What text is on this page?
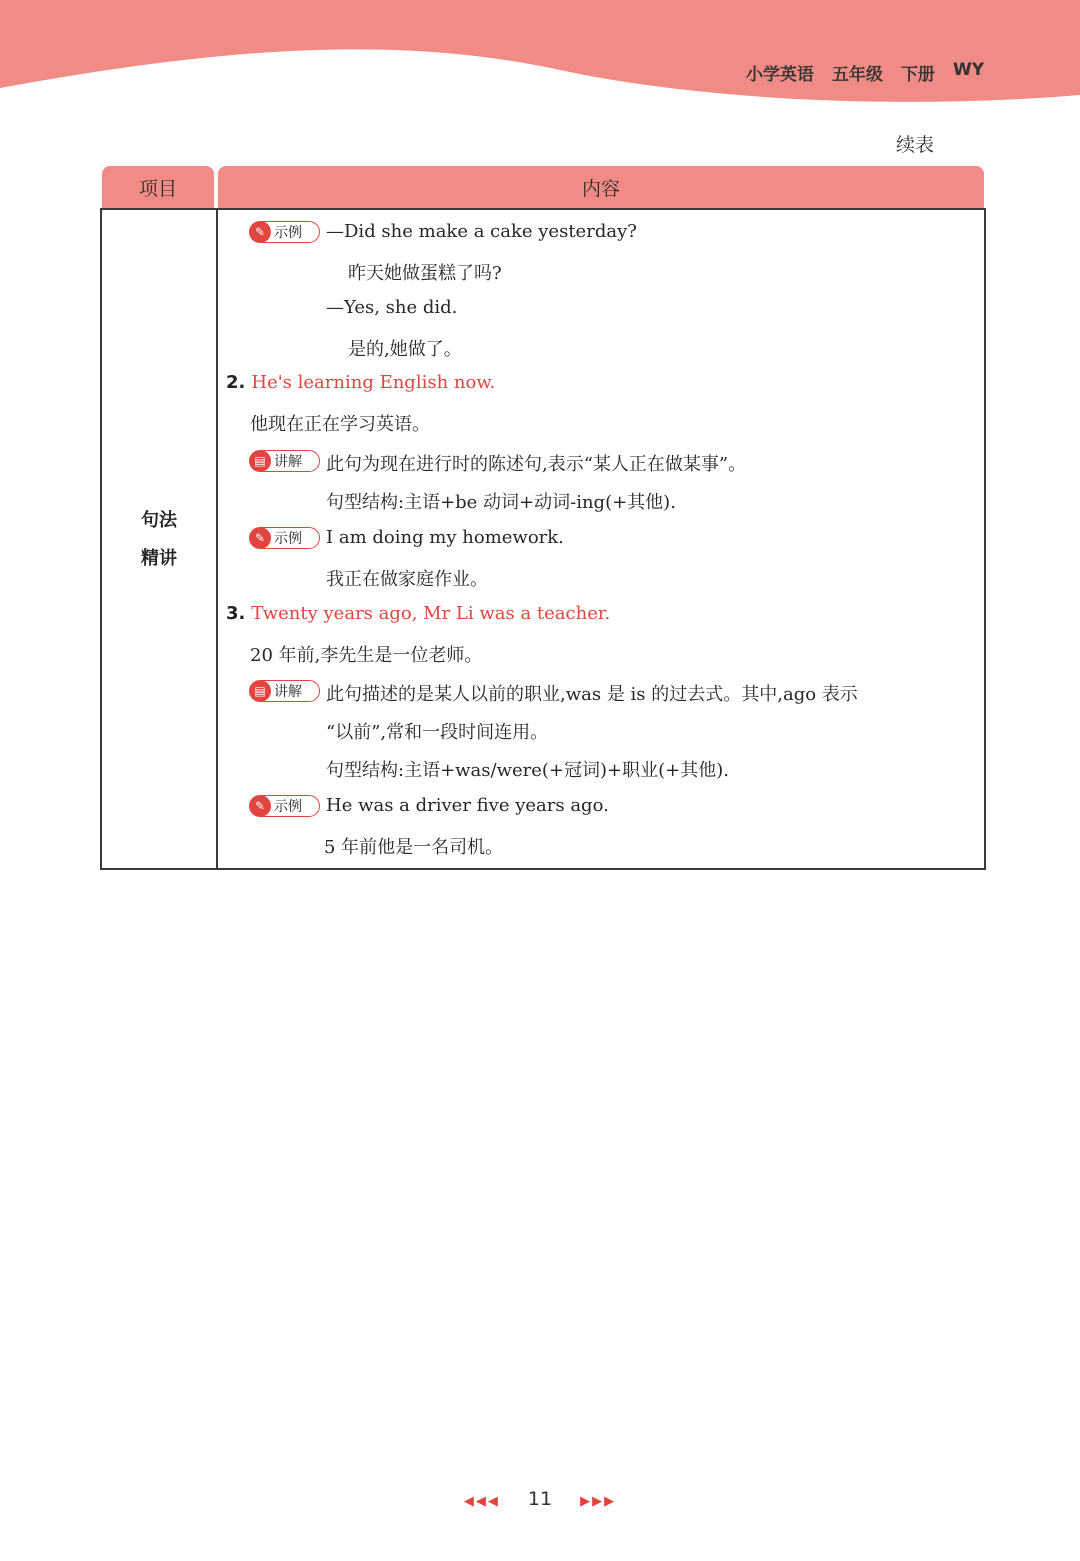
小学英语 五年级 下册 WY
续表
项目	内容
句法
精讲
✎ 示例 —Did she make a cake yesterday?
昨天她做蛋糕了吗?
—Yes, she did.
是的,她做了。
2. He's learning English now.
他现在正在学习英语。
▤ 讲解 此句为现在进行时的陈述句,表示“某人正在做某事”。
句型结构:主语+be 动词+动词-ing(+其他).
✎ 示例 I am doing my homework.
我正在做家庭作业。
3. Twenty years ago, Mr Li was a teacher.
20 年前,李先生是一位老师。
▤ 讲解 此句描述的是某人以前的职业,was 是 is 的过去式。其中,ago 表示
“以前”,常和一段时间连用。
句型结构:主语+was/were(+冠词)+职业(+其他).
✎ 示例 He was a driver five years ago.
5 年前他是一名司机。
◀◀◀ 11 ▶▶▶
